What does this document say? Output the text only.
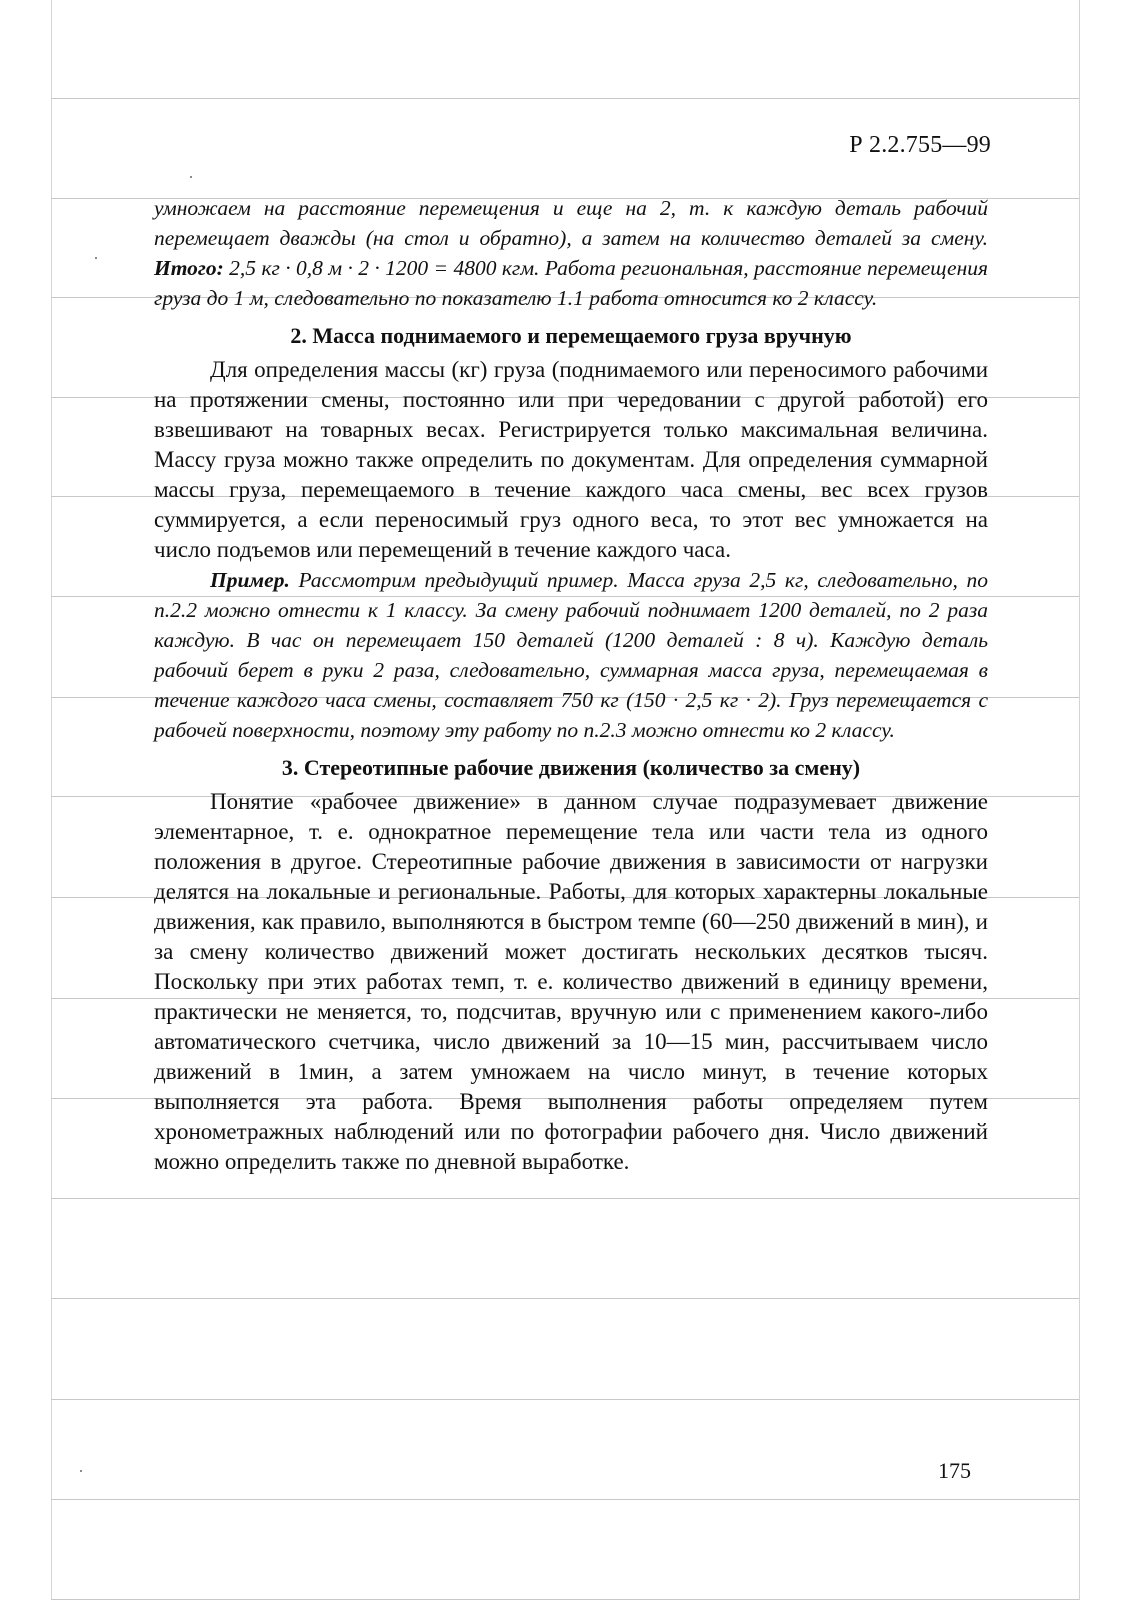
Р 2.2.755—99

умножаем на расстояние перемещения и еще на 2, т. к каждую деталь рабочий перемещает дважды (на стол и обратно), а затем на количество деталей за смену. Итого: 2,5 кг · 0,8 м · 2 · 1200 = 4800 кгм. Работа региональная, расстояние перемещения груза до 1 м, следовательно по показателю 1.1 работа относится ко 2 классу.

2. Масса поднимаемого и перемещаемого груза вручную

Для определения массы (кг) груза (поднимаемого или переносимого рабочими на протяжении смены, постоянно или при чередовании с другой работой) его взвешивают на товарных весах. Регистрируется только максимальная величина. Массу груза можно также определить по документам. Для определения суммарной массы груза, перемещаемого в течение каждого часа смены, вес всех грузов суммируется, а если переносимый груз одного веса, то этот вес умножается на число подъемов или перемещений в течение каждого часа.

Пример. Рассмотрим предыдущий пример. Масса груза 2,5 кг, следовательно, по п.2.2 можно отнести к 1 классу. За смену рабочий поднимает 1200 деталей, по 2 раза каждую. В час он перемещает 150 деталей (1200 деталей : 8 ч). Каждую деталь рабочий берет в руки 2 раза, следовательно, суммарная масса груза, перемещаемая в течение каждого часа смены, составляет 750 кг (150 · 2,5 кг · 2). Груз перемещается с рабочей поверхности, поэтому эту работу по п.2.3 можно отнести ко 2 классу.

3. Стереотипные рабочие движения (количество за смену)

Понятие «рабочее движение» в данном случае подразумевает движение элементарное, т. е. однократное перемещение тела или части тела из одного положения в другое. Стереотипные рабочие движения в зависимости от нагрузки делятся на локальные и региональные. Работы, для которых характерны локальные движения, как правило, выполняются в быстром темпе (60—250 движений в мин), и за смену количество движений может достигать нескольких десятков тысяч. Поскольку при этих работах темп, т. е. количество движений в единицу времени, практически не меняется, то, подсчитав, вручную или с применением какого-либо автоматического счетчика, число движений за 10—15 мин, рассчитываем число движений в 1мин, а затем умножаем на число минут, в течение которых выполняется эта работа. Время выполнения работы определяем путем хронометражных наблюдений или по фотографии рабочего дня. Число движений можно определить также по дневной выработке.

175
